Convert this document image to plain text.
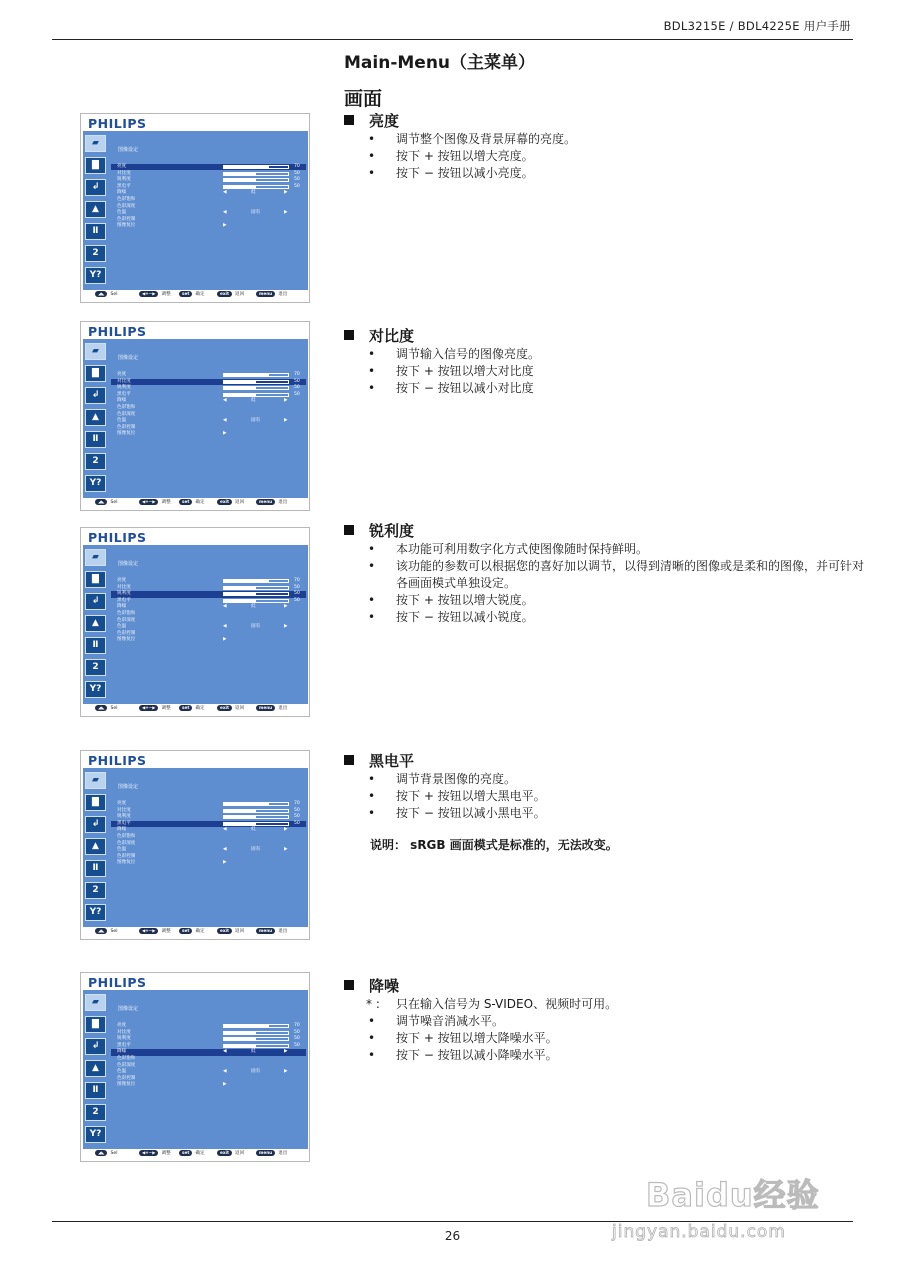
BDL3215E / BDL4225E 用户手册
Main-Menu（主菜单）
画面
亮度
• 调节整个图像及背景屏幕的亮度。
• 按下 + 按钮以增大亮度。
• 按下 − 按钮以减小亮度。
对比度
• 调节输入信号的图像亮度。
• 按下 + 按钮以增大对比度
• 按下 − 按钮以减小对比度
锐利度
• 本功能可利用数字化方式使图像随时保持鲜明。
• 该功能的参数可以根据您的喜好加以调节，以得到清晰的图像或是柔和的图像，并可针对各画面模式单独设定。
• 按下 + 按钮以增大锐度。
• 按下 − 按钮以减小锐度。
黑电平
• 调节背景图像的亮度。
• 按下 + 按钮以增大黑电平。
• 按下 − 按钮以减小黑电平。
说明： sRGB 画面模式是标准的，无法改变。
降噪
* : 只在输入信号为 S-VIDEO、视频时可用。
• 调节噪音消减水平。
• 按下 + 按钮以增大降噪水平。
• 按下 − 按钮以减小降噪水平。
PHILIPS
▰
▇
↲
▲
Ⅱ
2
Y?
图像设定
亮度	70
对比度	50
锐利度	50
黑电平	50
降噪	◀	低	▶
色彩饱和
色彩深度
色温	◀	固有	▶
色彩控制
图像复位	▶
◢◣	Sel	◀+−▶	调整	set	确定	exit	返回	menu	退出
PHILIPS
▰
▇
↲
▲
Ⅱ
2
Y?
图像设定
亮度	70
对比度	50
锐利度	50
黑电平	50
降噪	◀	低	▶
色彩饱和
色彩深度
色温	◀	固有	▶
色彩控制
图像复位	▶
◢◣	Sel	◀+−▶	调整	set	确定	exit	返回	menu	退出
PHILIPS
▰
▇
↲
▲
Ⅱ
2
Y?
图像设定
亮度	70
对比度	50
锐利度	50
黑电平	50
降噪	◀	低	▶
色彩饱和
色彩深度
色温	◀	固有	▶
色彩控制
图像复位	▶
◢◣	Sel	◀+−▶	调整	set	确定	exit	返回	menu	退出
PHILIPS
▰
▇
↲
▲
Ⅱ
2
Y?
图像设定
亮度	70
对比度	50
锐利度	50
黑电平	50
降噪	◀	低	▶
色彩饱和
色彩深度
色温	◀	固有	▶
色彩控制
图像复位	▶
◢◣	Sel	◀+−▶	调整	set	确定	exit	返回	menu	退出
PHILIPS
▰
▇
↲
▲
Ⅱ
2
Y?
图像设定
亮度	70
对比度	50
锐利度	50
黑电平	50
降噪	◀	低	▶
色彩饱和
色彩深度
色温	◀	固有	▶
色彩控制
图像复位	▶
◢◣	Sel	◀+−▶	调整	set	确定	exit	返回	menu	退出
26
Baidu经验
jingyan.baidu.com
